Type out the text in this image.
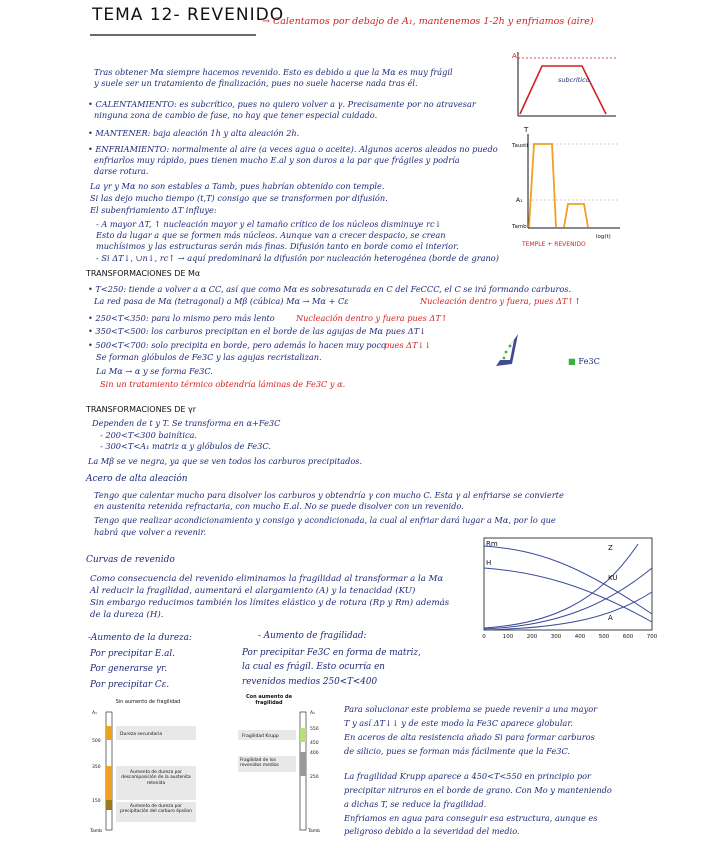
TEMA 12- REVENIDO
→ Calentamos por debajo de A₁, mantenemos 1-2h y enfriamos (aire)
Tras obtener Mα siempre hacemos revenido. Esto es debido a que la Mα es muy frágil
y suele ser un tratamiento de finalización, pues no suele hacerse nada tras él.
• CALENTAMIENTO: es subcrítico, pues no quiero volver a γ. Precisamente por no atravesar
ninguna zona de cambio de fase, no hay que tener especial cuidado.
• MANTENER: baja aleación 1h y alta aleación 2h.
• ENFRIAMIENTO: normalmente al aire (a veces agua o aceite). Algunos aceros aleados no puedo
enfriarlos muy rápido, pues tienen mucho E.al y son duros a la par que frágiles y podría
darse rotura.
La γr y Mα no son estables a Tamb, pues habrían obtenido con temple.
Si las dejo mucho tiempo (t,T) consigo que se transformen por difusión.
El subenfriamiento ΔT influye:
- A mayor ΔT, ↑ nucleación mayor y el tamaño crítico de los núcleos disminuye rc↓
Esto da lugar a que se formen más núcleos. Aunque van a crecer despacio, se crean
muchísimos y las estructuras serán más finas. Difusión tanto en borde como el interior.
- Si ΔT↓, ∪n↓, rc↑ → aquí predominará la difusión por nucleación heterogénea (borde de grano)
TRANSFORMACIONES DE Mα
• T<250: tiende a volver a α CC, así que como Mα es sobresaturada en C del FeCCC, el C se irá formando carburos.
La red pasa de Mα (tetragonal) a Mβ (cúbica) Mα → Mα + Cε	Nucleación dentro y fuera, pues ΔT↑↑
• 250<T<350: para lo mismo pero más lento	Nucleación dentro y fuera pues ΔT↑
• 350<T<500: los carburos precipitan en el borde de las agujas de Mα pues ΔT↓
• 500<T<700: solo precipita en borde, pero además lo hacen muy poco
pues ΔT↓↓
Se forman glóbulos de Fe3C y las agujas recristalizan.
La Mα → α y se forma Fe3C.
Sin un tratamiento térmico obtendría láminas de Fe3C y α.
■ Fe3C
TRANSFORMACIONES DE γr
Dependen de t y T. Se transforma en α+Fe3C
- 200<T<300 bainítica.
- 300<T<A₁ matriz α y glóbulos de Fe3C.
La Mβ se ve negra, ya que se ven todos los carburos precipitados.
Acero de alta aleación
Tengo que calentar mucho para disolver los carburos y obtendría γ con mucho C. Esta γ al enfriarse se convierte
en austenita retenida refractaria, con mucho E.al. No se puede disolver con un revenido.
Tengo que realizar acondicionamiento y consigo γ acondicionada, la cual al enfriar dará lugar a Mα, por lo que
habrá que volver a revenir.
Curvas de revenido
Como consecuencia del revenido eliminamos la fragilidad al transformar a la Mα
Al reducir la fragilidad, aumentará el alargamiento (A) y la tenacidad (KU)
Sin embargo reducimos también los límites elástico y de rotura (Rp y Rm) además
de la dureza (H).
-Aumento de la dureza:
Por precipitar E.al.
Por generarse γr.
Por precipitar Cε.
- Aumento de fragilidad:
Por precipitar Fe3C en forma de matriz,
la cual es frágil. Esto ocurría en
revenidos medios 250<T<400
Para solucionar este problema se puede revenir a una mayor
T y así ΔT↓↓ y de este modo la Fe3C aparece globular.
En aceros de alta resistencia añado Si para formar carburos
de silicio, pues se forman más fácilmente que la Fe3C.
La fragilidad Krupp aparece a 450<T<550 en principio por
precipitar nitruros en el borde de grano. Con Mo y manteniendo
a dichas T, se reduce la fragilidad.
Enfriamos en agua para conseguir esa estructura, aunque es
peligroso debido a la severidad del medio.
A₁
subcrítico
T
Tausti
A₁
Tamb
log(t)
TEMPLE + REVENIDO
Rm
H
Z
KU
A
0	100 200 300 400 500 600 700
Sin aumento de fragilidad
A₁
500
350
150
Tamb
Dureza secundaria
Aumento de dureza por descomposición de la austenita retenida
Aumento de dureza por precipitación del carburo épsilon
Con aumento de fragilidad
A₁
550
450
400
250
Tamb
Fragilidad Krupp
Fragilidad de los revenidos medios
